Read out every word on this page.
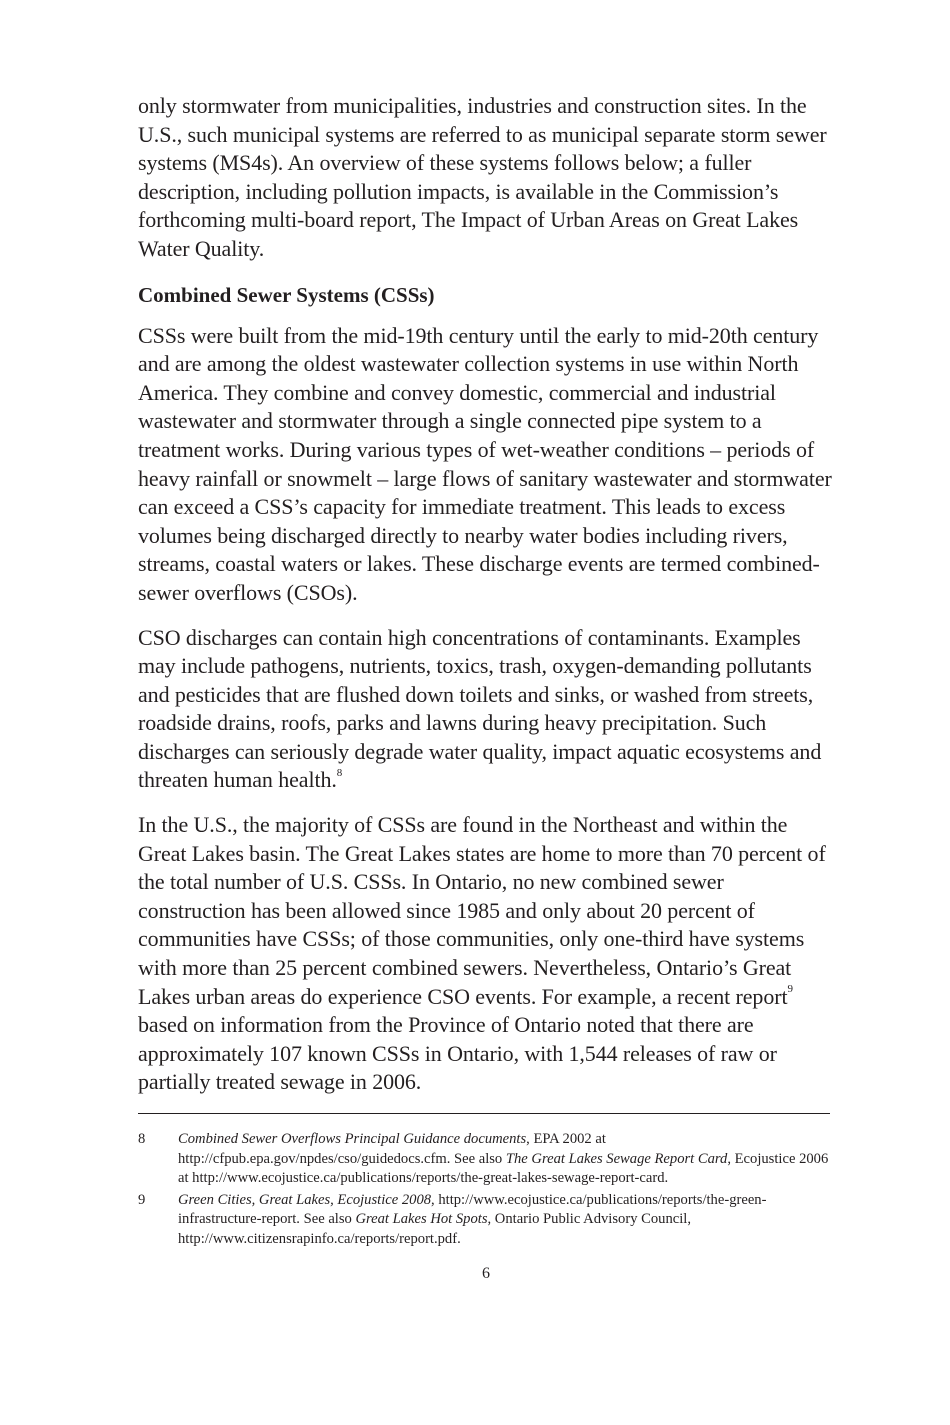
only stormwater from municipalities, industries and construction sites. In the U.S., such municipal systems are referred to as municipal separate storm sewer systems (MS4s). An overview of these systems follows below; a fuller description, including pollution impacts, is available in the Commission’s forthcoming multi-board report, The Impact of Urban Areas on Great Lakes Water Quality.

Combined Sewer Systems (CSSs)

CSSs were built from the mid-19th century until the early to mid-20th century and are among the oldest wastewater collection systems in use within North America. They combine and convey domestic, commercial and industrial wastewater and stormwater through a single connected pipe system to a treatment works. During various types of wet-weather conditions – periods of heavy rainfall or snowmelt – large flows of sanitary wastewater and stormwater can exceed a CSS’s capacity for immediate treatment. This leads to excess volumes being discharged directly to nearby water bodies including rivers, streams, coastal waters or lakes. These discharge events are termed combined-sewer overflows (CSOs).

CSO discharges can contain high concentrations of contaminants. Examples may include pathogens, nutrients, toxics, trash, oxygen-demanding pollutants and pesticides that are flushed down toilets and sinks, or washed from streets, roadside drains, roofs, parks and lawns during heavy precipitation. Such discharges can seriously degrade water quality, impact aquatic ecosystems and threaten human health.$^8$

In the U.S., the majority of CSSs are found in the Northeast and within the Great Lakes basin. The Great Lakes states are home to more than 70 percent of the total number of U.S. CSSs. In Ontario, no new combined sewer construction has been allowed since 1985 and only about 20 percent of communities have CSSs; of those communities, only one-third have systems with more than 25 percent combined sewers. Nevertheless, Ontario’s Great Lakes urban areas do experience CSO events. For example, a recent report$^9$ based on information from the Province of Ontario noted that there are approximately 107 known CSSs in Ontario, with 1,544 releases of raw or partially treated sewage in 2006.

8	Combined Sewer Overflows Principal Guidance documents, EPA 2002 at http://cfpub.epa.gov/npdes/cso/guidedocs.cfm. See also The Great Lakes Sewage Report Card, Ecojustice 2006 at http://www.ecojustice.ca/publications/reports/the-great-lakes-sewage-report-card.
9	Green Cities, Great Lakes, Ecojustice 2008, http://www.ecojustice.ca/publications/reports/the-green-infrastructure-report. See also Great Lakes Hot Spots, Ontario Public Advisory Council, http://www.citizensrapinfo.ca/reports/report.pdf.
6
